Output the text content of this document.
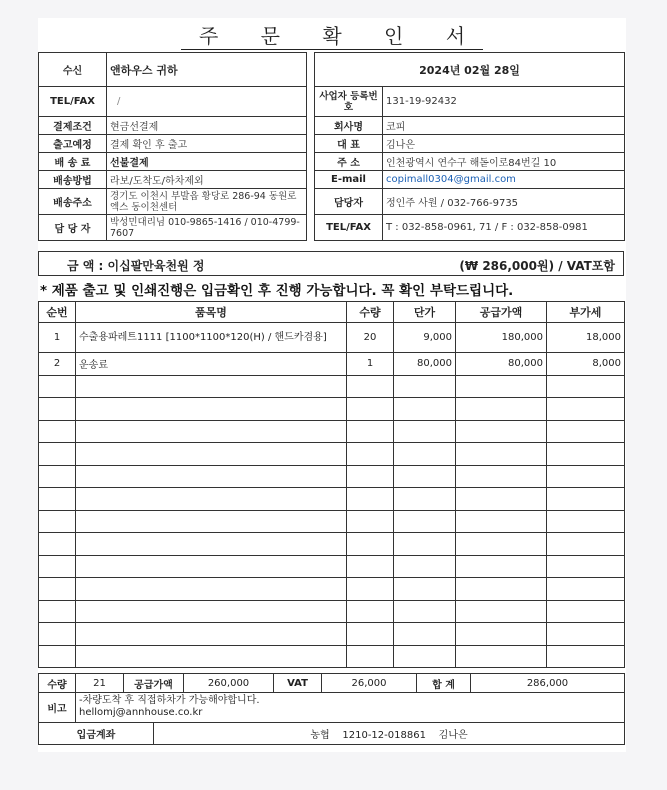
주 문 확 인 서
수신	앤하우스 귀하
TEL/FAX	/
결제조건	현금선결제
출고예정	결제 확인 후 출고
배 송 료	선불결제
배송방법	라보/도착도/하차제외
배송주소	경기도 이천시 부발읍 황당로 286-94 동원로엑스 동이천센터
담 당 자	박성민대리님 010-9865-1416 / 010-4799-7607
2024년 02월 28일	
사업자 등록번호	131-19-92432
회사명	코피
대 표	김나은
주 소	인천광역시 연수구 해돋이로84번길 10
E-mail	copimall0304@gmail.com
담당자	정인주 사원 / 032-766-9735
TEL/FAX	T : 032-858-0961, 71 / F : 032-858-0981
금 액 : 이십팔만육천원 정	(₩ 286,000원) / VAT포함
* 제품 출고 및 인쇄진행은 입금확인 후 진행 가능합니다. 꼭 확인 부탁드립니다.
순번	품목명	수량	단가	공급가액	부가세
1	수출용파레트1111 [1100*1100*120(H) / 핸드카겸용]	20	9,000	180,000	18,000
2	운송료	1	80,000	80,000	8,000

수량	21	공급가액	260,000	VAT	26,000	합 계	286,000
비고	-차량도착 후 직접하차가 가능해야합니다.
hellomj@annhouse.co.kr						
입금계좌	농협    1210-12-018861    김나은
